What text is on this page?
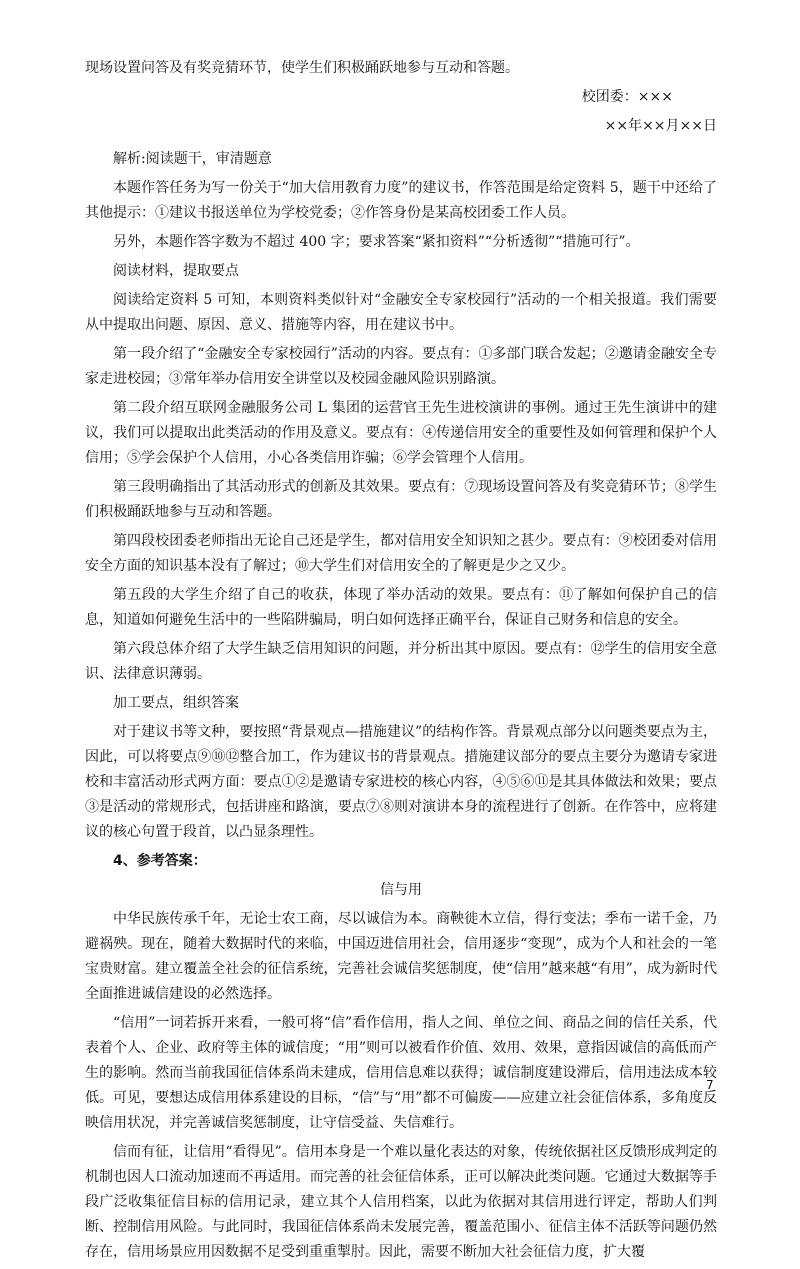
现场设置问答及有奖竞猜环节，使学生们积极踊跃地参与互动和答题。

校团委：×××

××年××月××日

解析:阅读题干，审清题意

本题作答任务为写一份关于“加大信用教育力度”的建议书，作答范围是给定资料 5，题干中还给了其他提示：①建议书报送单位为学校党委；②作答身份是某高校团委工作人员。

另外，本题作答字数为不超过 400 字；要求答案“紧扣资料”“分析透彻”“措施可行”。

阅读材料，提取要点

阅读给定资料 5 可知，本则资料类似针对“金融安全专家校园行”活动的一个相关报道。我们需要从中提取出问题、原因、意义、措施等内容，用在建议书中。

第一段介绍了“金融安全专家校园行”活动的内容。要点有：①多部门联合发起；②邀请金融安全专家走进校园；③常年举办信用安全讲堂以及校园金融风险识别路演。

第二段介绍互联网金融服务公司 L 集团的运营官王先生进校演讲的事例。通过王先生演讲中的建议，我们可以提取出此类活动的作用及意义。要点有：④传递信用安全的重要性及如何管理和保护个人信用；⑤学会保护个人信用，小心各类信用诈骗；⑥学会管理个人信用。

第三段明确指出了其活动形式的创新及其效果。要点有：⑦现场设置问答及有奖竞猜环节；⑧学生们积极踊跃地参与互动和答题。

第四段校团委老师指出无论自己还是学生，都对信用安全知识知之甚少。要点有：⑨校团委对信用安全方面的知识基本没有了解过；⑩大学生们对信用安全的了解更是少之又少。

第五段的大学生介绍了自己的收获，体现了举办活动的效果。要点有：⑪了解如何保护自己的信息，知道如何避免生活中的一些陷阱骗局，明白如何选择正确平台，保证自己财务和信息的安全。

第六段总体介绍了大学生缺乏信用知识的问题，并分析出其中原因。要点有：⑫学生的信用安全意识、法律意识薄弱。

加工要点，组织答案

对于建议书等文种，要按照“背景观点—措施建议”的结构作答。背景观点部分以问题类要点为主，因此，可以将要点⑨⑩⑫整合加工，作为建议书的背景观点。措施建议部分的要点主要分为邀请专家进校和丰富活动形式两方面：要点①②是邀请专家进校的核心内容，④⑤⑥⑪是其具体做法和效果；要点③是活动的常规形式，包括讲座和路演，要点⑦⑧则对演讲本身的流程进行了创新。在作答中，应将建议的核心句置于段首，以凸显条理性。

4、参考答案：
信与用

中华民族传承千年，无论士农工商，尽以诚信为本。商鞅徙木立信，得行变法；季布一诺千金，乃避祸殃。现在，随着大数据时代的来临，中国迈进信用社会，信用逐步“变现”，成为个人和社会的一笔宝贵财富。建立覆盖全社会的征信系统，完善社会诚信奖惩制度，使“信用”越来越“有用”，成为新时代全面推进诚信建设的必然选择。

“信用”一词若拆开来看，一般可将“信”看作信用，指人之间、单位之间、商品之间的信任关系，代表着个人、企业、政府等主体的诚信度；“用”则可以被看作价值、效用、效果，意指因诚信的高低而产生的影响。然而当前我国征信体系尚未建成，信用信息难以获得；诚信制度建设滞后，信用违法成本较低。可见，要想达成信用体系建设的目标，“信”与“用”都不可偏废——应建立社会征信体系，多角度反映信用状况，并完善诚信奖惩制度，让守信受益、失信难行。

信而有征，让信用“看得见”。信用本身是一个难以量化表达的对象，传统依据社区反馈形成判定的机制也因人口流动加速而不再适用。而完善的社会征信体系，正可以解决此类问题。它通过大数据等手段广泛收集征信目标的信用记录，建立其个人信用档案，以此为依据对其信用进行评定，帮助人们判断、控制信用风险。与此同时，我国征信体系尚未发展完善，覆盖范围小、征信主体不活跃等问题仍然存在，信用场景应用因数据不足受到重重掣肘。因此，需要不断加大社会征信力度，扩大覆

7
